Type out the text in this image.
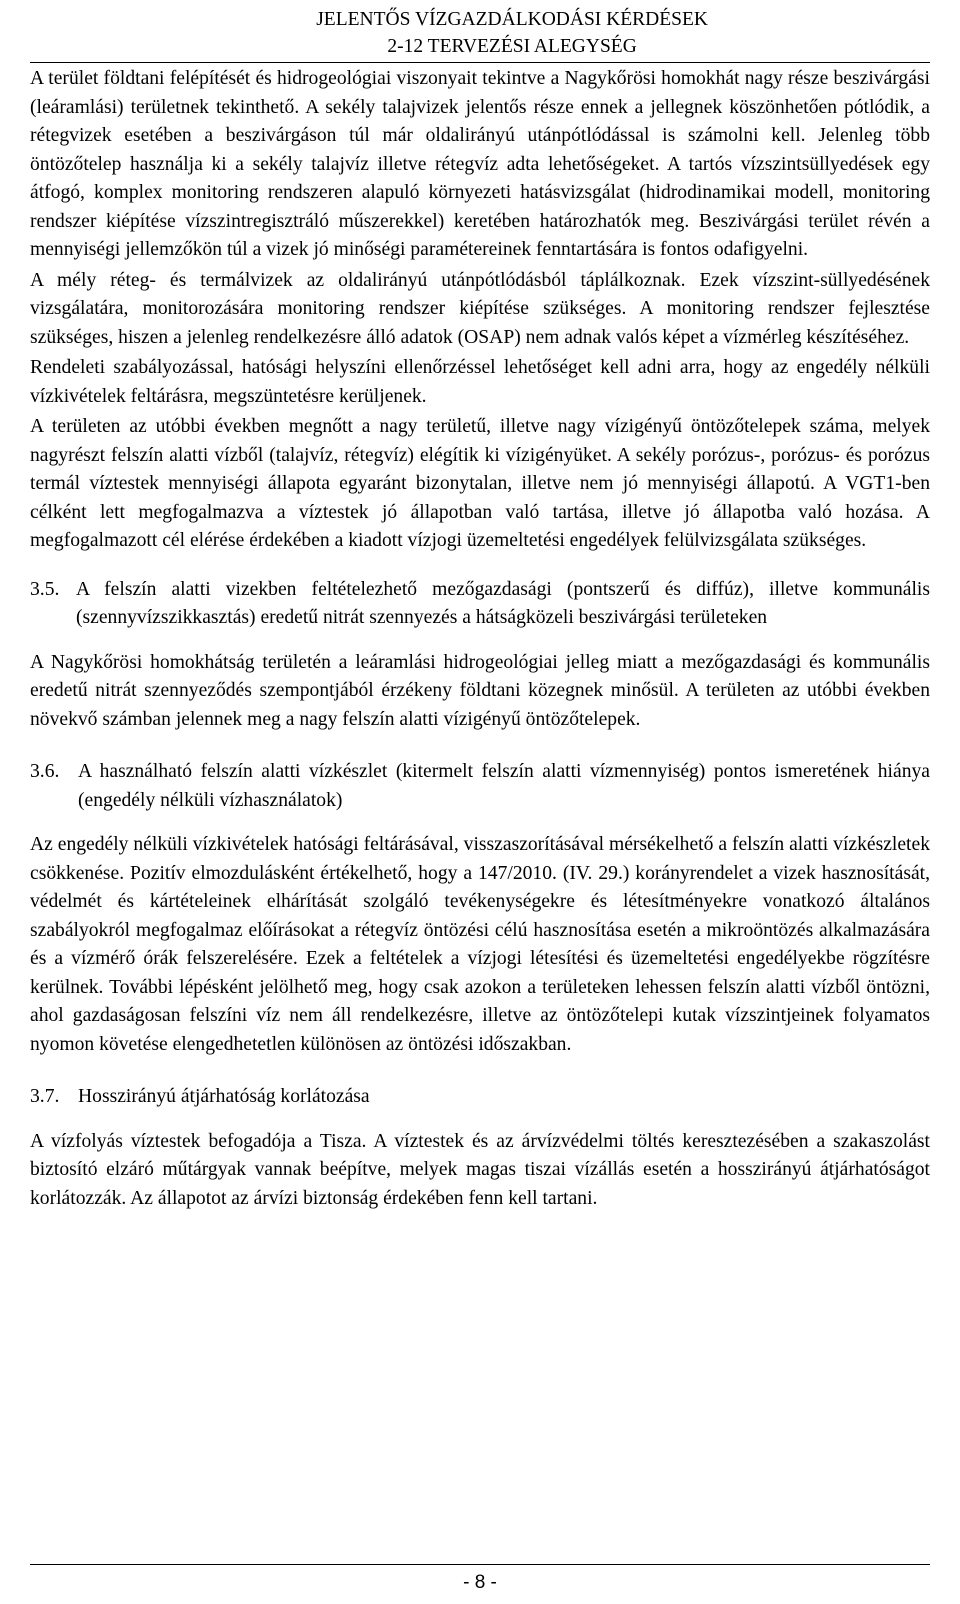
JELENTŐS VÍZGAZDÁLKODÁSI KÉRDÉSEK
2-12 TERVEZÉSI ALEGYSÉG

A terület földtani felépítését és hidrogeológiai viszonyait tekintve a Nagykőrösi homokhát nagy része beszivárgási (leáramlási) területnek tekinthető. A sekély talajvizek jelentős része ennek a jellegnek köszönhetően pótlódik, a rétegvizek esetében a beszivárgáson túl már oldalirányú utánpótlódással is számolni kell. Jelenleg több öntözőtelep használja ki a sekély talajvíz illetve rétegvíz adta lehetőségeket. A tartós vízszintsüllyedések egy átfogó, komplex monitoring rendszeren alapuló környezeti hatásvizsgálat (hidrodinamikai modell, monitoring rendszer kiépítése vízszintregisztráló műszerekkel) keretében határozhatók meg. Beszivárgási terület révén a mennyiségi jellemzőkön túl a vizek jó minőségi paramétereinek fenntartására is fontos odafigyelni.

A mély réteg- és termálvizek az oldalirányú utánpótlódásból táplálkoznak. Ezek vízszint-süllyedésének vizsgálatára, monitorozására monitoring rendszer kiépítése szükséges. A monitoring rendszer fejlesztése szükséges, hiszen a jelenleg rendelkezésre álló adatok (OSAP) nem adnak valós képet a vízmérleg készítéséhez.

Rendeleti szabályozással, hatósági helyszíni ellenőrzéssel lehetőséget kell adni arra, hogy az engedély nélküli vízkivételek feltárásra, megszüntetésre kerüljenek.

A területen az utóbbi években megnőtt a nagy területű, illetve nagy vízigényű öntözőtelepek száma, melyek nagyrészt felszín alatti vízből (talajvíz, rétegvíz) elégítik ki vízigényüket. A sekély porózus-, porózus- és porózus termál víztestek mennyiségi állapota egyaránt bizonytalan, illetve nem jó mennyiségi állapotú. A VGT1-ben célként lett megfogalmazva a víztestek jó állapotban való tartása, illetve jó állapotba való hozása. A megfogalmazott cél elérése érdekében a kiadott vízjogi üzemeltetési engedélyek felülvizsgálata szükséges.

3.5. A felszín alatti vizekben feltételezhető mezőgazdasági (pontszerű és diffúz), illetve kommunális (szennyvízszikkasztás) eredetű nitrát szennyezés a hátságközeli beszivárgási területeken

A Nagykőrösi homokhátság területén a leáramlási hidrogeológiai jelleg miatt a mezőgazdasági és kommunális eredetű nitrát szennyeződés szempontjából érzékeny földtani közegnek minősül. A területen az utóbbi években növekvő számban jelennek meg a nagy felszín alatti vízigényű öntözőtelepek.

3.6. A használható felszín alatti vízkészlet (kitermelt felszín alatti vízmennyiség) pontos ismeretének hiánya (engedély nélküli vízhasználatok)

Az engedély nélküli vízkivételek hatósági feltárásával, visszaszorításával mérsékelhető a felszín alatti vízkészletek csökkenése. Pozitív elmozdulásként értékelhető, hogy a 147/2010. (IV. 29.) korányrendelet a vizek hasznosítását, védelmét és kártételeinek elhárítását szolgáló tevékenységekre és létesítményekre vonatkozó általános szabályokról megfogalmaz előírásokat a rétegvíz öntözési célú hasznosítása esetén a mikroöntözés alkalmazására és a vízmérő órák felszerelésére. Ezek a feltételek a vízjogi létesítési és üzemeltetési engedélyekbe rögzítésre kerülnek. További lépésként jelölhető meg, hogy csak azokon a területeken lehessen felszín alatti vízből öntözni, ahol gazdaságosan felszíni víz nem áll rendelkezésre, illetve az öntözőtelepi kutak vízszintjeinek folyamatos nyomon követése elengedhetetlen különösen az öntözési időszakban.

3.7. Hosszirányú átjárhatóság korlátozása

A vízfolyás víztestek befogadója a Tisza. A víztestek és az árvízvédelmi töltés keresztezésében a szakaszolást biztosító elzáró műtárgyak vannak beépítve, melyek magas tiszai vízállás esetén a hosszirányú átjárhatóságot korlátozzák. Az állapotot az árvízi biztonság érdekében fenn kell tartani.

- 8 -
